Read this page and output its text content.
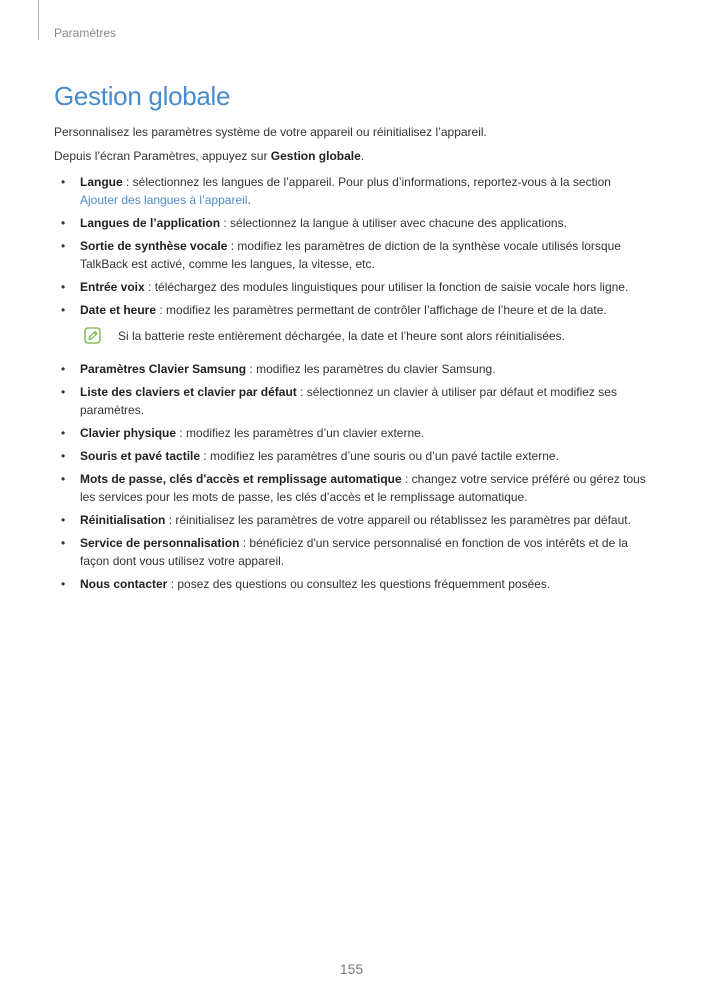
Paramètres
Gestion globale

Personnalisez les paramètres système de votre appareil ou réinitialisez l’appareil.

Depuis l’écran Paramètres, appuyez sur Gestion globale.

• Langue : sélectionnez les langues de l’appareil. Pour plus d’informations, reportez-vous à la section
Ajouter des langues à l’appareil.
• Langues de l’application : sélectionnez la langue à utiliser avec chacune des applications.
• Sortie de synthèse vocale : modifiez les paramètres de diction de la synthèse vocale utilisés lorsque TalkBack est activé, comme les langues, la vitesse, etc.
• Entrée voix : téléchargez des modules linguistiques pour utiliser la fonction de saisie vocale hors ligne.
• Date et heure : modifiez les paramètres permettant de contrôler l’affichage de l’heure et de la date.
Si la batterie reste entièrement déchargée, la date et l’heure sont alors réinitialisées.
• Paramètres Clavier Samsung : modifiez les paramètres du clavier Samsung.
• Liste des claviers et clavier par défaut : sélectionnez un clavier à utiliser par défaut et modifiez ses paramètres.
• Clavier physique : modifiez les paramètres d’un clavier externe.
• Souris et pavé tactile : modifiez les paramètres d’une souris ou d’un pavé tactile externe.
• Mots de passe, clés d'accès et remplissage automatique : changez votre service préféré ou gérez tous les services pour les mots de passe, les clés d’accès et le remplissage automatique.
• Réinitialisation : réinitialisez les paramètres de votre appareil ou rétablissez les paramètres par défaut.
• Service de personnalisation : bénéficiez d'un service personnalisé en fonction de vos intérêts et de la façon dont vous utilisez votre appareil.
• Nous contacter : posez des questions ou consultez les questions fréquemment posées.
155
